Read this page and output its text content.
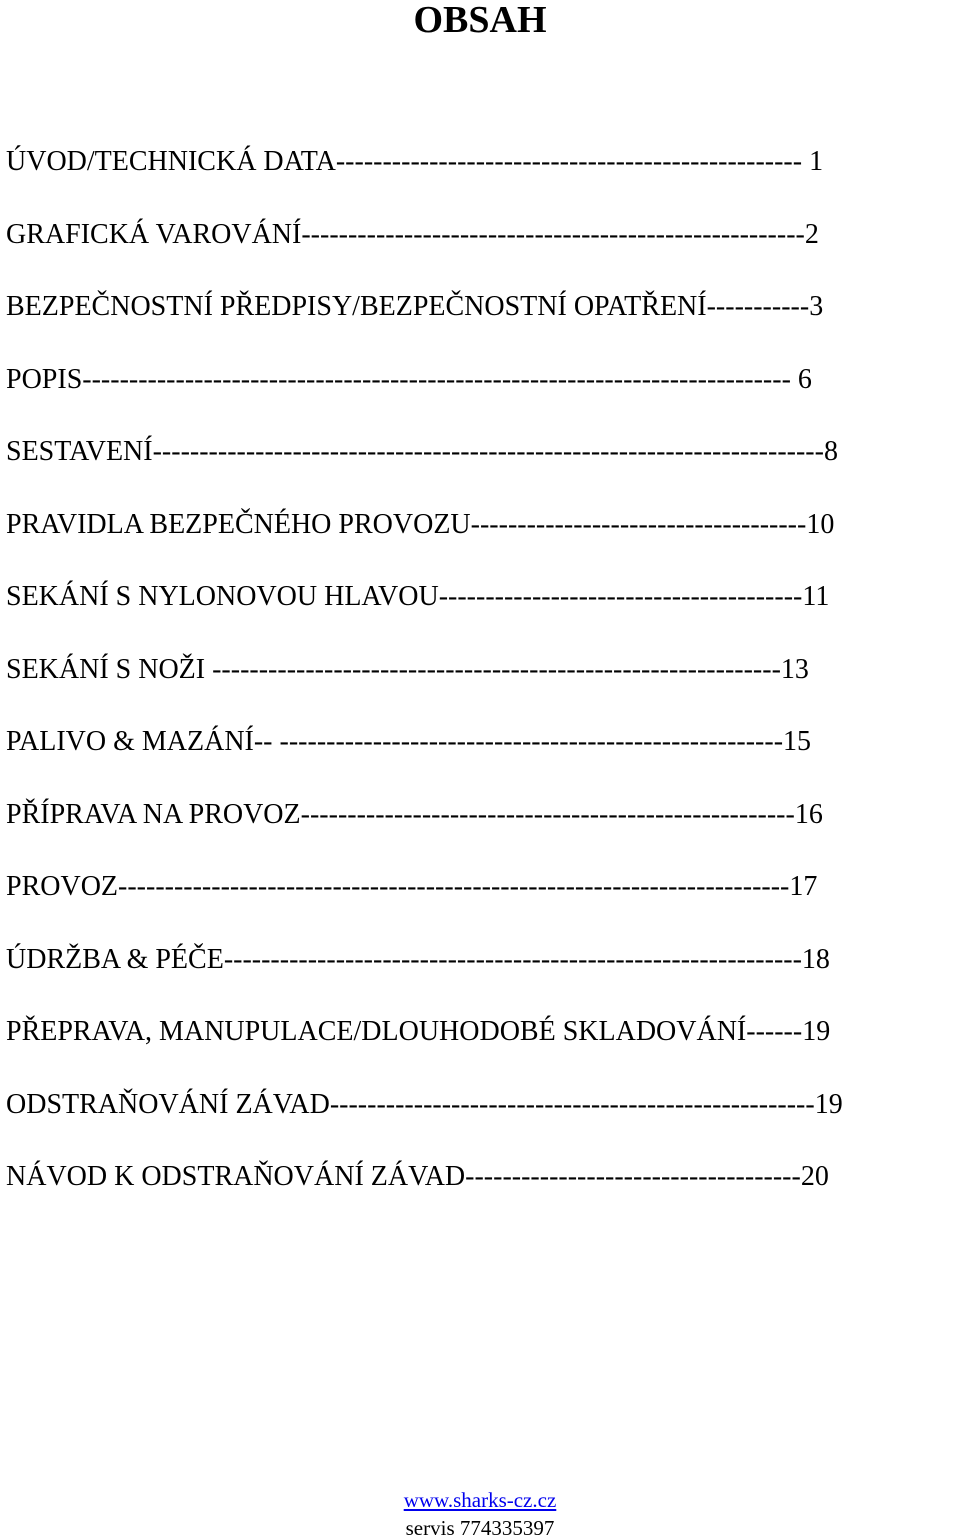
OBSAH
ÚVOD/TECHNICKÁ DATA -------------------------------------------------- 1
GRAFICKÁ VAROVÁNÍ ------------------------------------------------------ 2
BEZPEČNOSTNÍ PŘEDPISY/BEZPEČNOSTNÍ OPATŘENÍ ----------- 3
POPIS ---------------------------------------------------------------------------- 6
SESTAVENÍ ------------------------------------------------------------------------ 8
PRAVIDLA BEZPEČNÉHO PROVOZU ------------------------------------ 10
SEKÁNÍ S NYLONOVOU HLAVOU --------------------------------------- 11
SEKÁNÍ S NOŽI ------------------------------------------------------------- 13
PALIVO & MAZÁNÍ-- ------------------------------------------------------ 15
PŘÍPRAVA NA PROVOZ ----------------------------------------------------- 16
PROVOZ ------------------------------------------------------------------------ 17
ÚDRŽBA & PÉČE -------------------------------------------------------------- 18
PŘEPRAVA, MANUPULACE/DLOUHODOBÉ SKLADOVÁNÍ ------ 19
ODSTRAŇOVÁNÍ ZÁVAD ---------------------------------------------------- 19
NÁVOD K ODSTRAŇOVÁNÍ ZÁVAD ------------------------------------ 20
www.sharks-cz.cz
servis 774335397
